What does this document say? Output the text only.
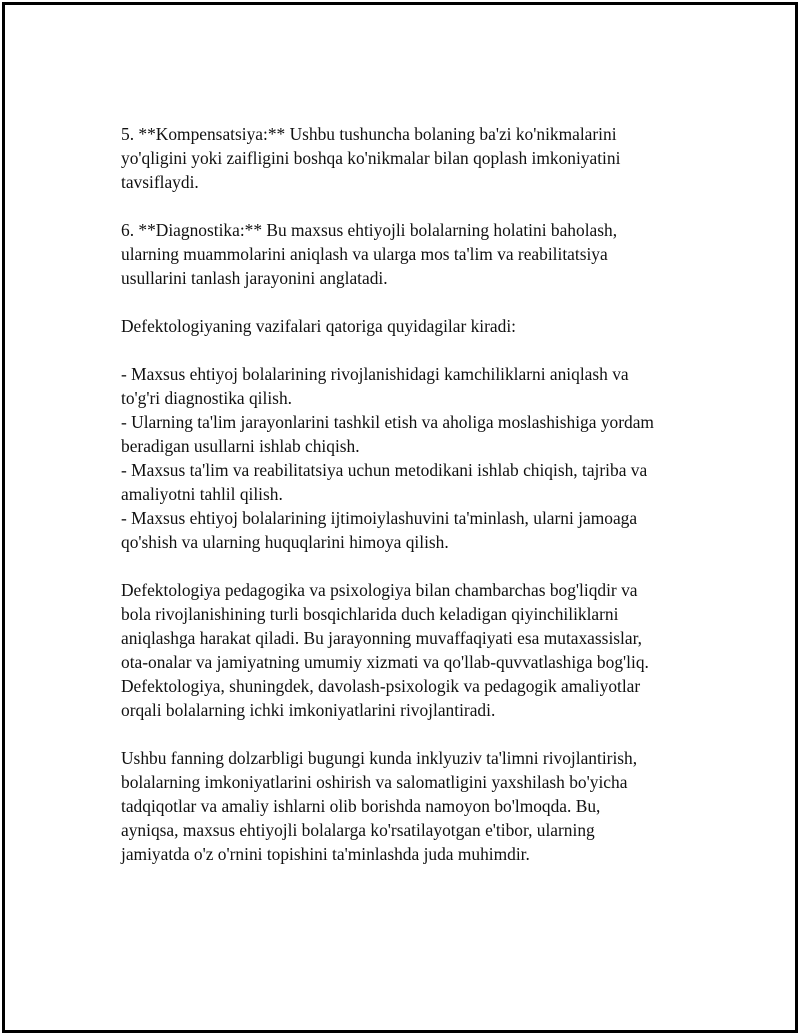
5. **Kompensatsiya:** Ushbu tushuncha bolaning ba'zi ko'nikmalarini
yo'qligini yoki zaifligini boshqa ko'nikmalar bilan qoplash imkoniyatini
tavsiflaydi.

6. **Diagnostika:** Bu maxsus ehtiyojli bolalarning holatini baholash,
ularning muammolarini aniqlash va ularga mos ta'lim va reabilitatsiya
usullarini tanlash jarayonini anglatadi.

Defektologiyaning vazifalari qatoriga quyidagilar kiradi:

- Maxsus ehtiyoj bolalarining rivojlanishidagi kamchiliklarni aniqlash va
to'g'ri diagnostika qilish.
- Ularning ta'lim jarayonlarini tashkil etish va aholiga moslashishiga yordam
beradigan usullarni ishlab chiqish.
- Maxsus ta'lim va reabilitatsiya uchun metodikani ishlab chiqish, tajriba va
amaliyotni tahlil qilish.
- Maxsus ehtiyoj bolalarining ijtimoiylashuvini ta'minlash, ularni jamoaga
qo'shish va ularning huquqlarini himoya qilish.

Defektologiya pedagogika va psixologiya bilan chambarchas bog'liqdir va
bola rivojlanishining turli bosqichlarida duch keladigan qiyinchiliklarni
aniqlashga harakat qiladi. Bu jarayonning muvaffaqiyati esa mutaxassislar,
ota-onalar va jamiyatning umumiy xizmati va qo'llab-quvvatlashiga bog'liq.
Defektologiya, shuningdek, davolash-psixologik va pedagogik amaliyotlar
orqali bolalarning ichki imkoniyatlarini rivojlantiradi.

Ushbu fanning dolzarbligi bugungi kunda inklyuziv ta'limni rivojlantirish,
bolalarning imkoniyatlarini oshirish va salomatligini yaxshilash bo'yicha
tadqiqotlar va amaliy ishlarni olib borishda namoyon bo'lmoqda. Bu,
ayniqsa, maxsus ehtiyojli bolalarga ko'rsatilayotgan e'tibor, ularning
jamiyatda o'z o'rnini topishini ta'minlashda juda muhimdir.
